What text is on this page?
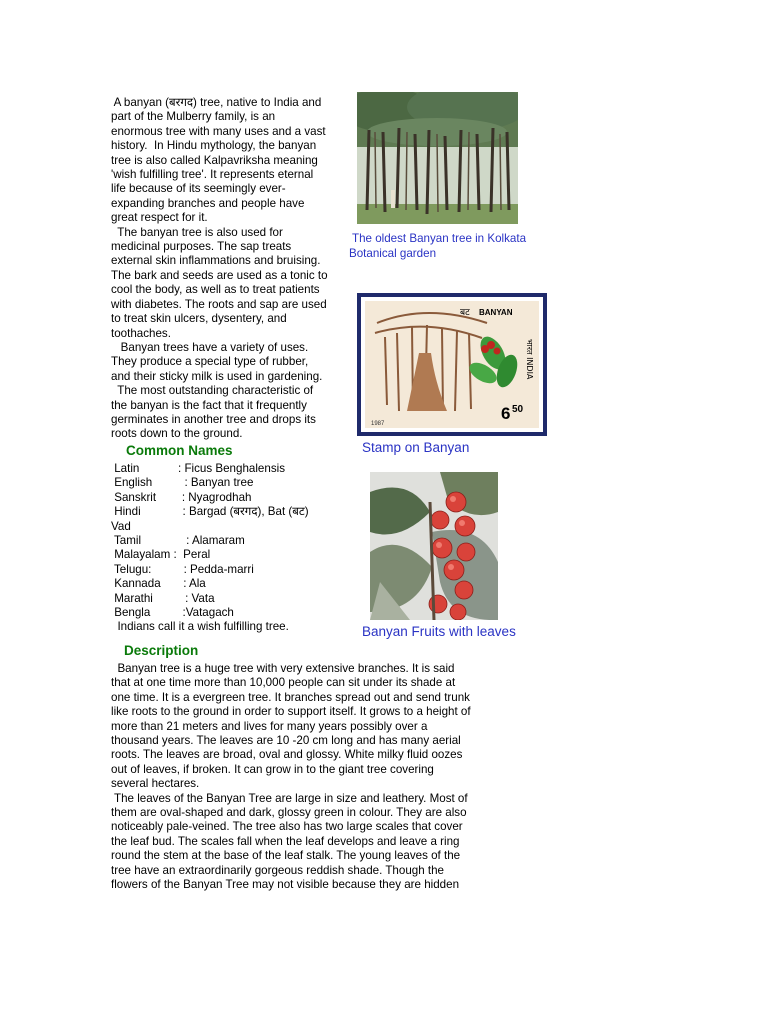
A banyan (बरगद) tree, native to India and
part of the Mulberry family, is an
enormous tree with many uses and a vast
history.  In Hindu mythology, the banyan
tree is also called Kalpavriksha meaning
'wish fulfilling tree'. It represents eternal
life because of its seemingly ever-
expanding branches and people have
great respect for it.
The banyan tree is also used for
medicinal purposes. The sap treats
external skin inflammations and bruising.
The bark and seeds are used as a tonic to
cool the body, as well as to treat patients
with diabetes. The roots and sap are used
to treat skin ulcers, dysentery, and
toothaches.
Banyan trees have a variety of uses.
They produce a special type of rubber,
and their sticky milk is used in gardening.
The most outstanding characteristic of
the banyan is the fact that it frequently
germinates in another tree and drops its
roots down to the ground.
Common Names
Latin            : Ficus Benghalensis
English          : Banyan tree
Sanskrit        : Nyagrodhah
Hindi             : Bargad (बरगद), Bat (बट)
Vad
Tamil              : Alamaram
Malayalam :  Peral
Telugu:          : Pedda-marri
Kannada       : Ala
Marathi          : Vata
Bengla          :Vatagach
Indians call it a wish fulfilling tree.
Description
Banyan tree is a huge tree with very extensive branches. It is said
that at one time more than 10,000 people can sit under its shade at
one time. It is a evergreen tree. It branches spread out and send trunk
like roots to the ground in order to support itself. It grows to a height of
more than 21 meters and lives for many years possibly over a
thousand years. The leaves are 10 -20 cm long and has many aerial
roots. The leaves are broad, oval and glossy. White milky fluid oozes
out of leaves, if broken. It can grow in to the giant tree covering
several hectares.
The leaves of the Banyan Tree are large in size and leathery. Most of
them are oval-shaped and dark, glossy green in colour. They are also
noticeably pale-veined. The tree also has two large scales that cover
the leaf bud. The scales fall when the leaf develops and leave a ring
round the stem at the base of the leaf stalk. The young leaves of the
tree have an extraordinarily gorgeous reddish shade. Though the
flowers of the Banyan Tree may not visible because they are hidden
The oldest Banyan tree in Kolkata
Botanical garden
बट BANYAN
भारत INDIA
6 50
1987
Stamp on Banyan
Banyan Fruits with leaves
